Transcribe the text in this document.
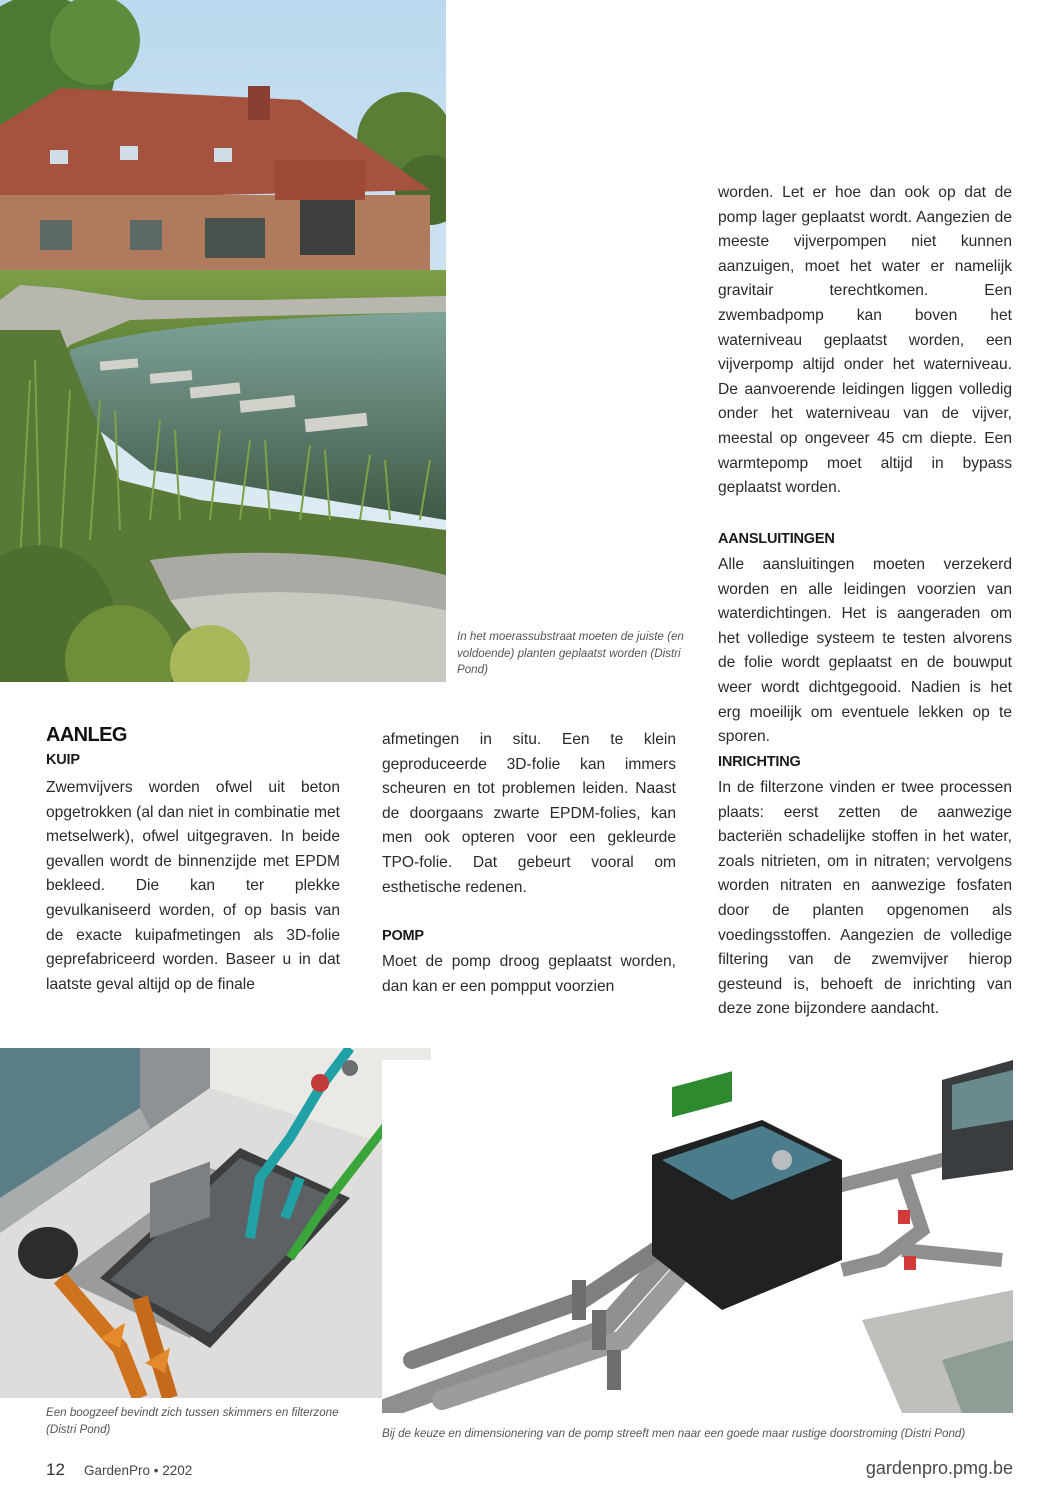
In het moerassubstraat moeten de juiste (en voldoende) planten geplaatst worden (Distri Pond)

AANLEG
KUIP

Zwemvijvers worden ofwel uit beton opgetrokken (al dan niet in combinatie met metselwerk), ofwel uitgegraven. In beide gevallen wordt de binnenzijde met EPDM bekleed. Die kan ter plekke gevulkaniseerd worden, of op basis van de exacte kuipafmetingen als 3D-folie geprefabriceerd worden. Baseer u in dat laatste geval altijd op de finale

afmetingen in situ. Een te klein geproduceerde 3D-folie kan immers scheuren en tot problemen leiden. Naast de doorgaans zwarte EPDM-folies, kan men ook opteren voor een gekleurde TPO-folie. Dat gebeurt vooral om esthetische redenen.

POMP

Moet de pomp droog geplaatst worden, dan kan er een pompput voorzien

worden. Let er hoe dan ook op dat de pomp lager geplaatst wordt. Aangezien de meeste vijverpompen niet kunnen aanzuigen, moet het water er namelijk gravitair terechtkomen. Een zwembadpomp kan boven het waterniveau geplaatst worden, een vijverpomp altijd onder het waterniveau. De aanvoerende leidingen liggen volledig onder het waterniveau van de vijver, meestal op ongeveer 45 cm diepte. Een warmtepomp moet altijd in bypass geplaatst worden.

AANSLUITINGEN

Alle aansluitingen moeten verzekerd worden en alle leidingen voorzien van waterdichtingen. Het is aangeraden om het volledige systeem te testen alvorens de folie wordt geplaatst en de bouwput weer wordt dichtgegooid. Nadien is het erg moeilijk om eventuele lekken op te sporen.

INRICHTING

In de filterzone vinden er twee processen plaats: eerst zetten de aanwezige bacteriën schadelijke stoffen in het water, zoals nitrieten, om in nitraten; vervolgens worden nitraten en aanwezige fosfaten door de planten opgenomen als voedingsstoffen. Aangezien de volledige filtering van de zwemvijver hierop gesteund is, behoeft de inrichting van deze zone bijzondere aandacht.

Een boogzeef bevindt zich tussen skimmers en filterzone (Distri Pond)	Bij de keuze en dimensionering van de pomp streeft men naar een goede maar rustige doorstroming (Distri Pond)

12 GardenPro • 2202	gardenpro.pmg.be
